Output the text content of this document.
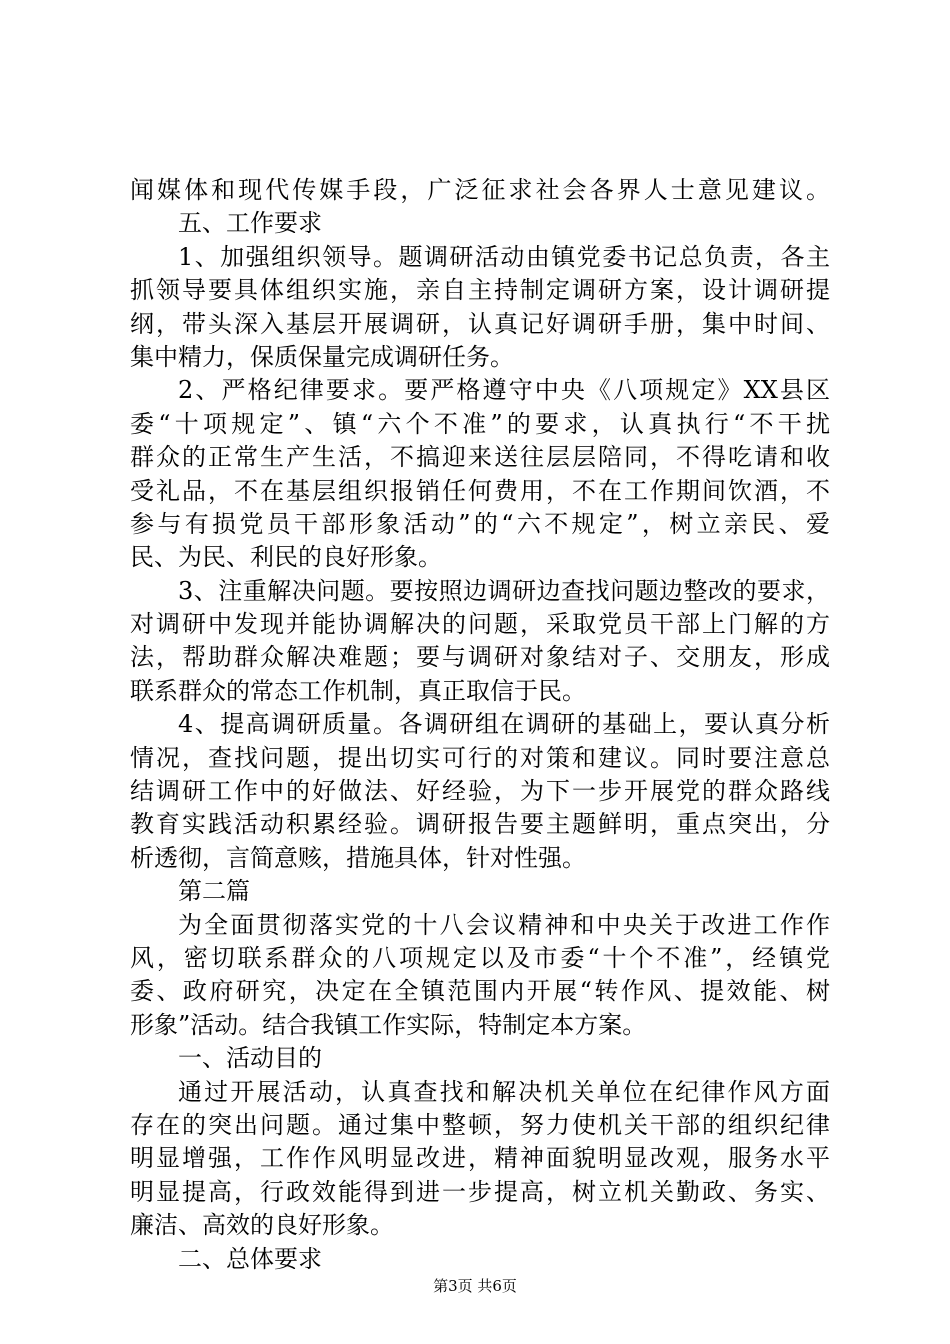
闻媒体和现代传媒手段，广泛征求社会各界人士意见建议。
五、工作要求
1、加强组织领导。题调研活动由镇党委书记总负责，各主
抓领导要具体组织实施，亲自主持制定调研方案，设计调研提
纲，带头深入基层开展调研，认真记好调研手册，集中时间、
集中精力，保质保量完成调研任务。
2、严格纪律要求。要严格遵守中央《八项规定》XX县区
委“十项规定”、镇“六个不准”的要求，认真执行“不干扰
群众的正常生产生活，不搞迎来送往层层陪同，不得吃请和收
受礼品，不在基层组织报销任何费用，不在工作期间饮酒，不
参与有损党员干部形象活动”的“六不规定”，树立亲民、爱
民、为民、利民的良好形象。
3、注重解决问题。要按照边调研边查找问题边整改的要求，
对调研中发现并能协调解决的问题，采取党员干部上门解的方
法，帮助群众解决难题；要与调研对象结对子、交朋友，形成
联系群众的常态工作机制，真正取信于民。
4、提高调研质量。各调研组在调研的基础上，要认真分析
情况，查找问题，提出切实可行的对策和建议。同时要注意总
结调研工作中的好做法、好经验，为下一步开展党的群众路线
教育实践活动积累经验。调研报告要主题鲜明，重点突出，分
析透彻，言简意赅，措施具体，针对性强。
第二篇
为全面贯彻落实党的十八会议精神和中央关于改进工作作
风，密切联系群众的八项规定以及市委“十个不准”，经镇党
委、政府研究，决定在全镇范围内开展“转作风、提效能、树
形象”活动。结合我镇工作实际，特制定本方案。
一、活动目的
通过开展活动，认真查找和解决机关单位在纪律作风方面
存在的突出问题。通过集中整顿，努力使机关干部的组织纪律
明显增强，工作作风明显改进，精神面貌明显改观，服务水平
明显提高，行政效能得到进一步提高，树立机关勤政、务实、
廉洁、高效的良好形象。
二、总体要求
第3页 共6页
